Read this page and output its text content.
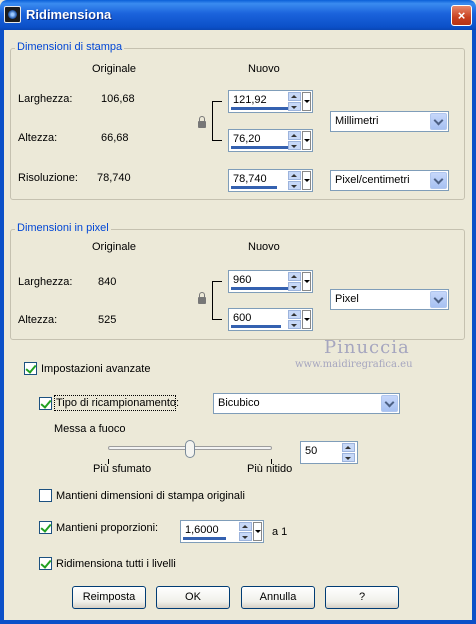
Ridimensiona	×
Dimensioni di stampa
Originale	Nuovo
Larghezza:	106,68	121,92
Altezza:	66,68	76,20
Millimetri
Risoluzione: 78,740	78,740	Pixel/centimetri
Dimensioni in pixel
Originale	Nuovo
Larghezza: 840	960
Altezza:	525	600
Pixel
Pinuccia
www.maidiregrafica.eu
Impostazioni avanzate
Tipo di ricampionamento:	Bicubico
Messa a fuoco
Più sfumato	Più nitido
50
Mantieni dimensioni di stampa originali
Mantieni proporzioni: 1,6000	a 1
Ridimensiona tutti i livelli
Reimposta	OK	Annulla	?
